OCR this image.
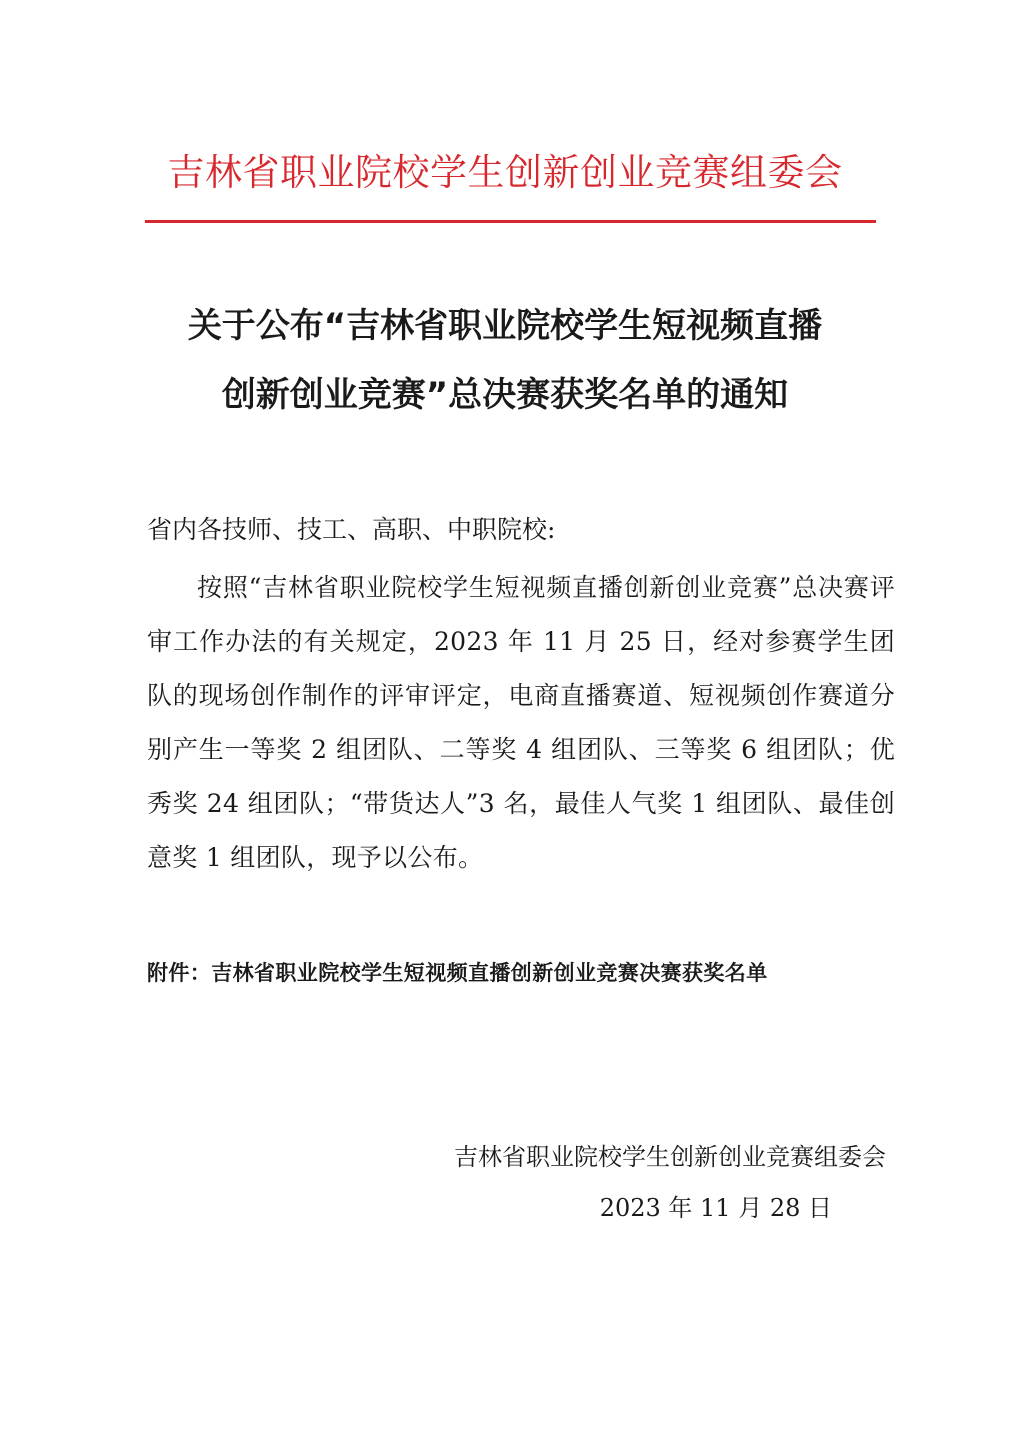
吉林省职业院校学生创新创业竞赛组委会
关于公布“吉林省职业院校学生短视频直播
创新创业竞赛”总决赛获奖名单的通知
省内各技师、技工、高职、中职院校:
按照“吉林省职业院校学生短视频直播创新创业竞赛”总决赛评审工作办法的有关规定，2023 年 11 月 25 日，经对参赛学生团队的现场创作制作的评审评定，电商直播赛道、短视频创作赛道分别产生一等奖 2 组团队、二等奖 4 组团队、三等奖 6 组团队；优秀奖 24 组团队；“带货达人”3 名，最佳人气奖 1 组团队、最佳创意奖 1 组团队，现予以公布。
附件：吉林省职业院校学生短视频直播创新创业竞赛决赛获奖名单
吉林省职业院校学生创新创业竞赛组委会
2023 年 11 月 28 日
